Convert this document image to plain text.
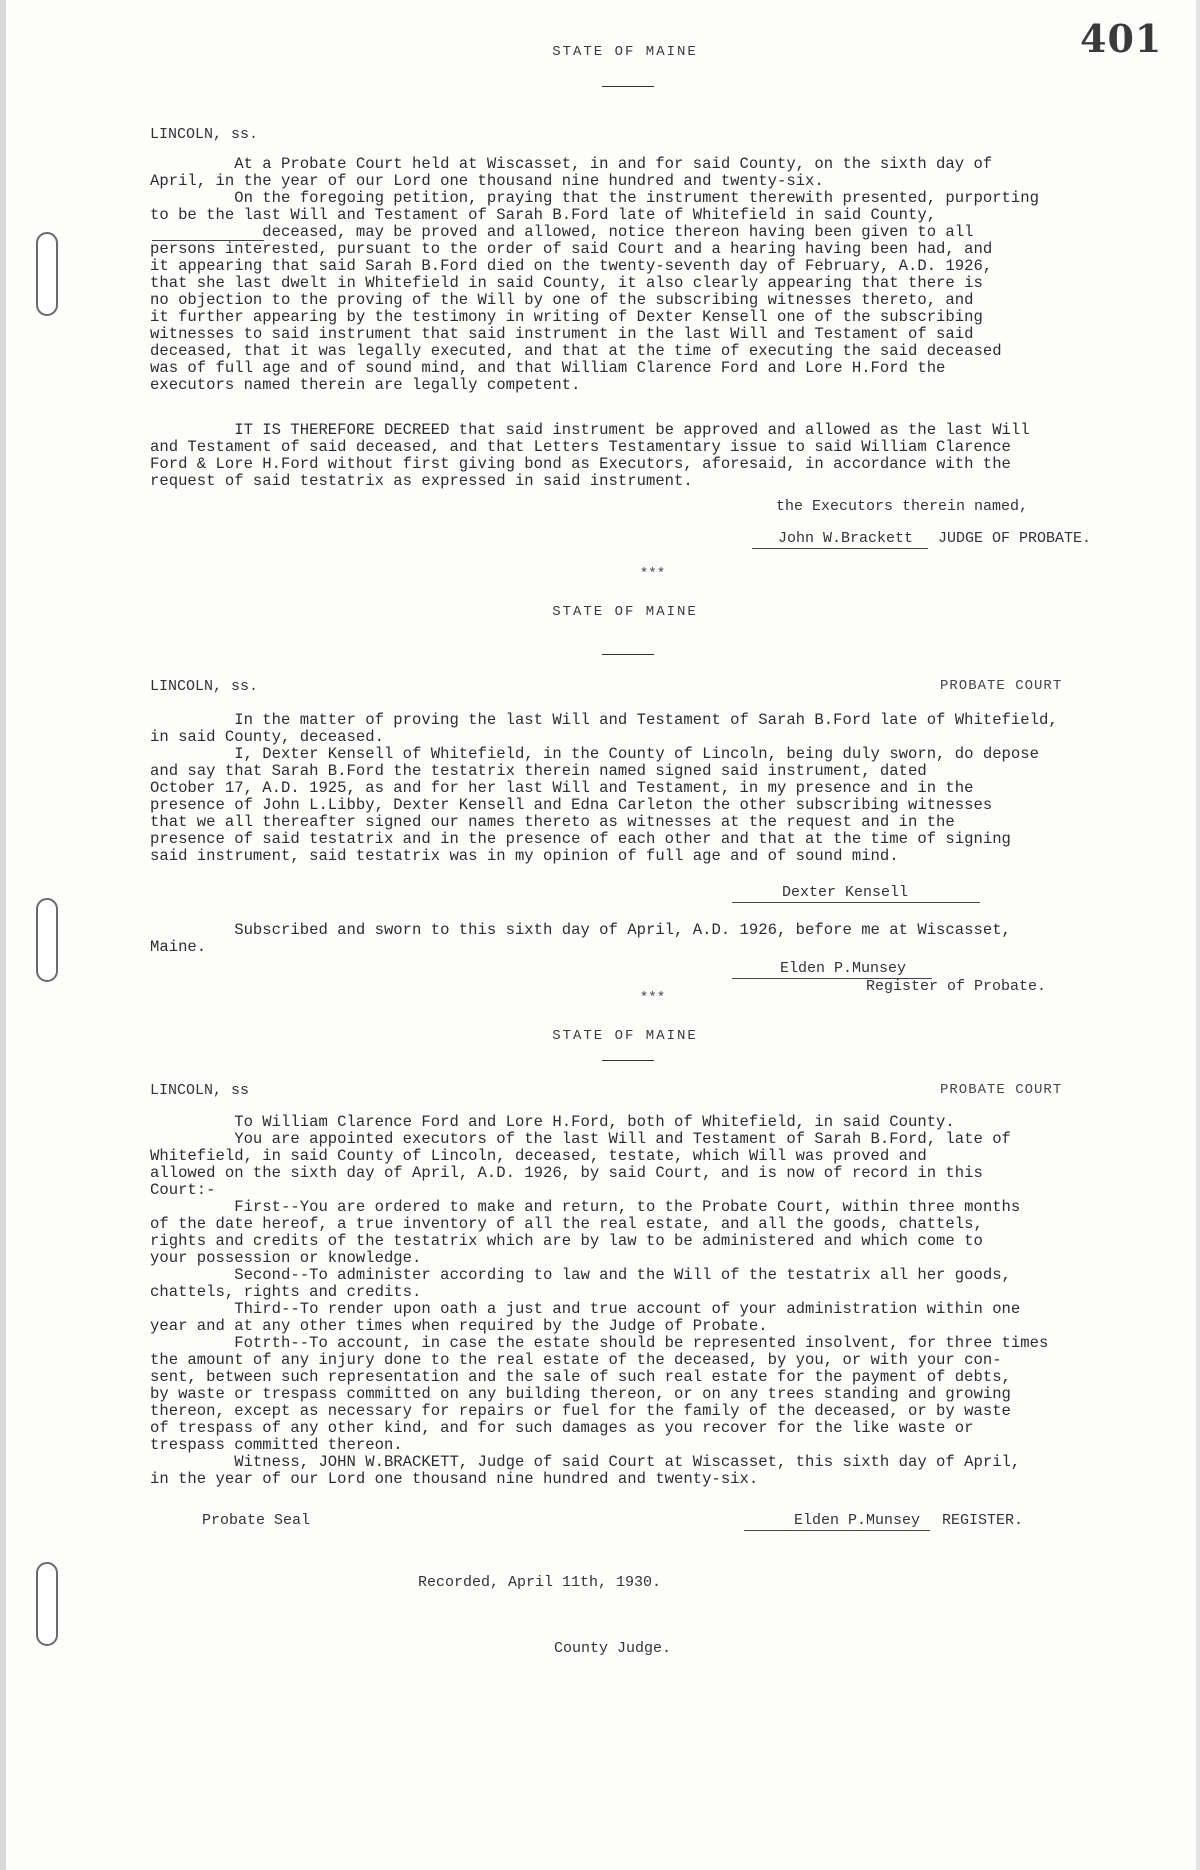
401
STATE OF MAINE
LINCOLN, ss.
At a Probate Court held at Wiscasset, in and for said County, on the sixth day of
April, in the year of our Lord one thousand nine hundred and twenty-six.
On the foregoing petition, praying that the instrument therewith presented, purporting
to be the last Will and Testament of Sarah B.Ford late of Whitefield in said County,
deceased, may be proved and allowed, notice thereon having been given to all
persons interested, pursuant to the order of said Court and a hearing having been had, and
it appearing that said Sarah B.Ford died on the twenty-seventh day of February, A.D. 1926,
that she last dwelt in Whitefield in said County, it also clearly appearing that there is
no objection to the proving of the Will by one of the subscribing witnesses thereto, and
it further appearing by the testimony in writing of Dexter Kensell one of the subscribing
witnesses to said instrument that said instrument in the last Will and Testament of said
deceased, that it was legally executed, and that at the time of executing the said deceased
was of full age and of sound mind, and that William Clarence Ford and Lore H.Ford the
executors named therein are legally competent.
IT IS THEREFORE DECREED that said instrument be approved and allowed as the last Will
and Testament of said deceased, and that Letters Testamentary issue to said William Clarence
Ford & Lore H.Ford without first giving bond as Executors, aforesaid, in accordance with the
request of said testatrix as expressed in said instrument.
the Executors therein named,
John W.Brackett JUDGE OF PROBATE.
***
STATE OF MAINE
LINCOLN, ss.	PROBATE COURT
In the matter of proving the last Will and Testament of Sarah B.Ford late of Whitefield,
in said County, deceased.
I, Dexter Kensell of Whitefield, in the County of Lincoln, being duly sworn, do depose
and say that Sarah B.Ford the testatrix therein named signed said instrument, dated
October 17, A.D. 1925, as and for her last Will and Testament, in my presence and in the
presence of John L.Libby, Dexter Kensell and Edna Carleton the other subscribing witnesses
that we all thereafter signed our names thereto as witnesses at the request and in the
presence of said testatrix and in the presence of each other and that at the time of signing
said instrument, said testatrix was in my opinion of full age and of sound mind.
Dexter Kensell
Subscribed and sworn to this sixth day of April, A.D. 1926, before me at Wiscasset,
Maine.
Elden P.Munsey
Register of Probate.
***
STATE OF MAINE
LINCOLN, ss	PROBATE COURT
To William Clarence Ford and Lore H.Ford, both of Whitefield, in said County.
You are appointed executors of the last Will and Testament of Sarah B.Ford, late of
Whitefield, in said County of Lincoln, deceased, testate, which Will was proved and
allowed on the sixth day of April, A.D. 1926, by said Court, and is now of record in this
Court:-
First--You are ordered to make and return, to the Probate Court, within three months
of the date hereof, a true inventory of all the real estate, and all the goods, chattels,
rights and credits of the testatrix which are by law to be administered and which come to
your possession or knowledge.
Second--To administer according to law and the Will of the testatrix all her goods,
chattels, rights and credits.
Third--To render upon oath a just and true account of your administration within one
year and at any other times when required by the Judge of Probate.
Fotrth--To account, in case the estate should be represented insolvent, for three times
the amount of any injury done to the real estate of the deceased, by you, or with your con-
sent, between such representation and the sale of such real estate for the payment of debts,
by waste or trespass committed on any building thereon, or on any trees standing and growing
thereon, except as necessary for repairs or fuel for the family of the deceased, or by waste
of trespass of any other kind, and for such damages as you recover for the like waste or
trespass committed thereon.
Witness, JOHN W.BRACKETT, Judge of said Court at Wiscasset, this sixth day of April,
in the year of our Lord one thousand nine hundred and twenty-six.
Probate Seal	Elden P.Munsey REGISTER.
Recorded, April 11th, 1930.
County Judge.
